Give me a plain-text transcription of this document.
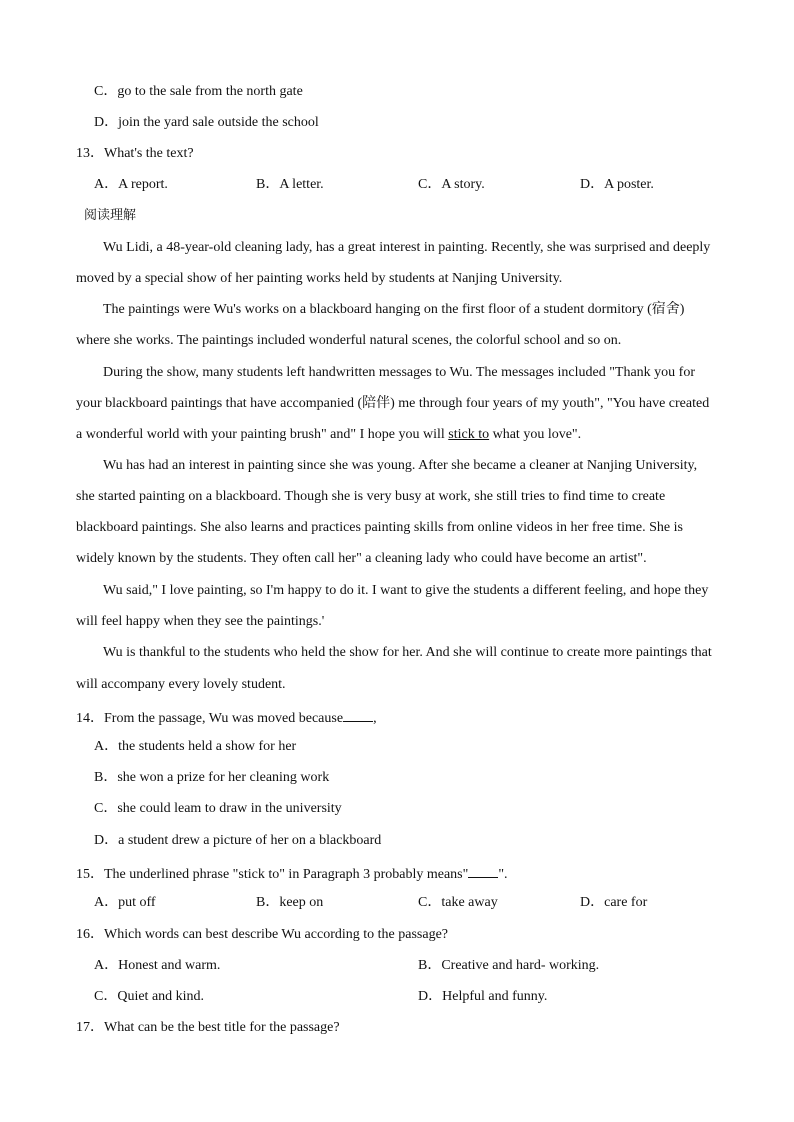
C．go to the sale from the north gate
D．join the yard sale outside the school
13．What's the text?
A．A report.	B．A letter.	C．A story.	D．A poster.
阅读理解
Wu Lidi, a 48-year-old cleaning lady, has a great interest in painting. Recently, she was surprised and deeply
moved by a special show of her painting works held by students at Nanjing University.
The paintings were Wu's works on a blackboard hanging on the first floor of a student dormitory (宿舍)
where she works. The paintings included wonderful natural scenes, the colorful school and so on.
During the show, many students left handwritten messages to Wu. The messages included "Thank you for
your blackboard paintings that have accompanied (陪伴) me through four years of my youth", "You have created
a wonderful world with your painting brush" and" I hope you will stick to what you love".
Wu has had an interest in painting since she was young. After she became a cleaner at Nanjing University,
she started painting on a blackboard. Though she is very busy at work, she still tries to find time to create
blackboard paintings. She also learns and practices painting skills from online videos in her free time. She is
widely known by the students. They often call her" a cleaning lady who could have become an artist".
Wu said," I love painting, so I'm happy to do it. I want to give the students a different feeling, and hope they
will feel happy when they see the paintings.'
Wu is thankful to the students who held the show for her. And she will continue to create more paintings that
will accompany every lovely student.
14．From the passage, Wu was moved because ,
A．the students held a show for her
B．she won a prize for her cleaning work
C．she could leam to draw in the university
D．a student drew a picture of her on a blackboard
15．The underlined phrase "stick to" in Paragraph 3 probably means" ".
A．put off	B．keep on	C．take away	D．care for
16．Which words can best describe Wu according to the passage?
A．Honest and warm.	B．Creative and hard- working.
C．Quiet and kind.	D．Helpful and funny.
17．What can be the best title for the passage?
